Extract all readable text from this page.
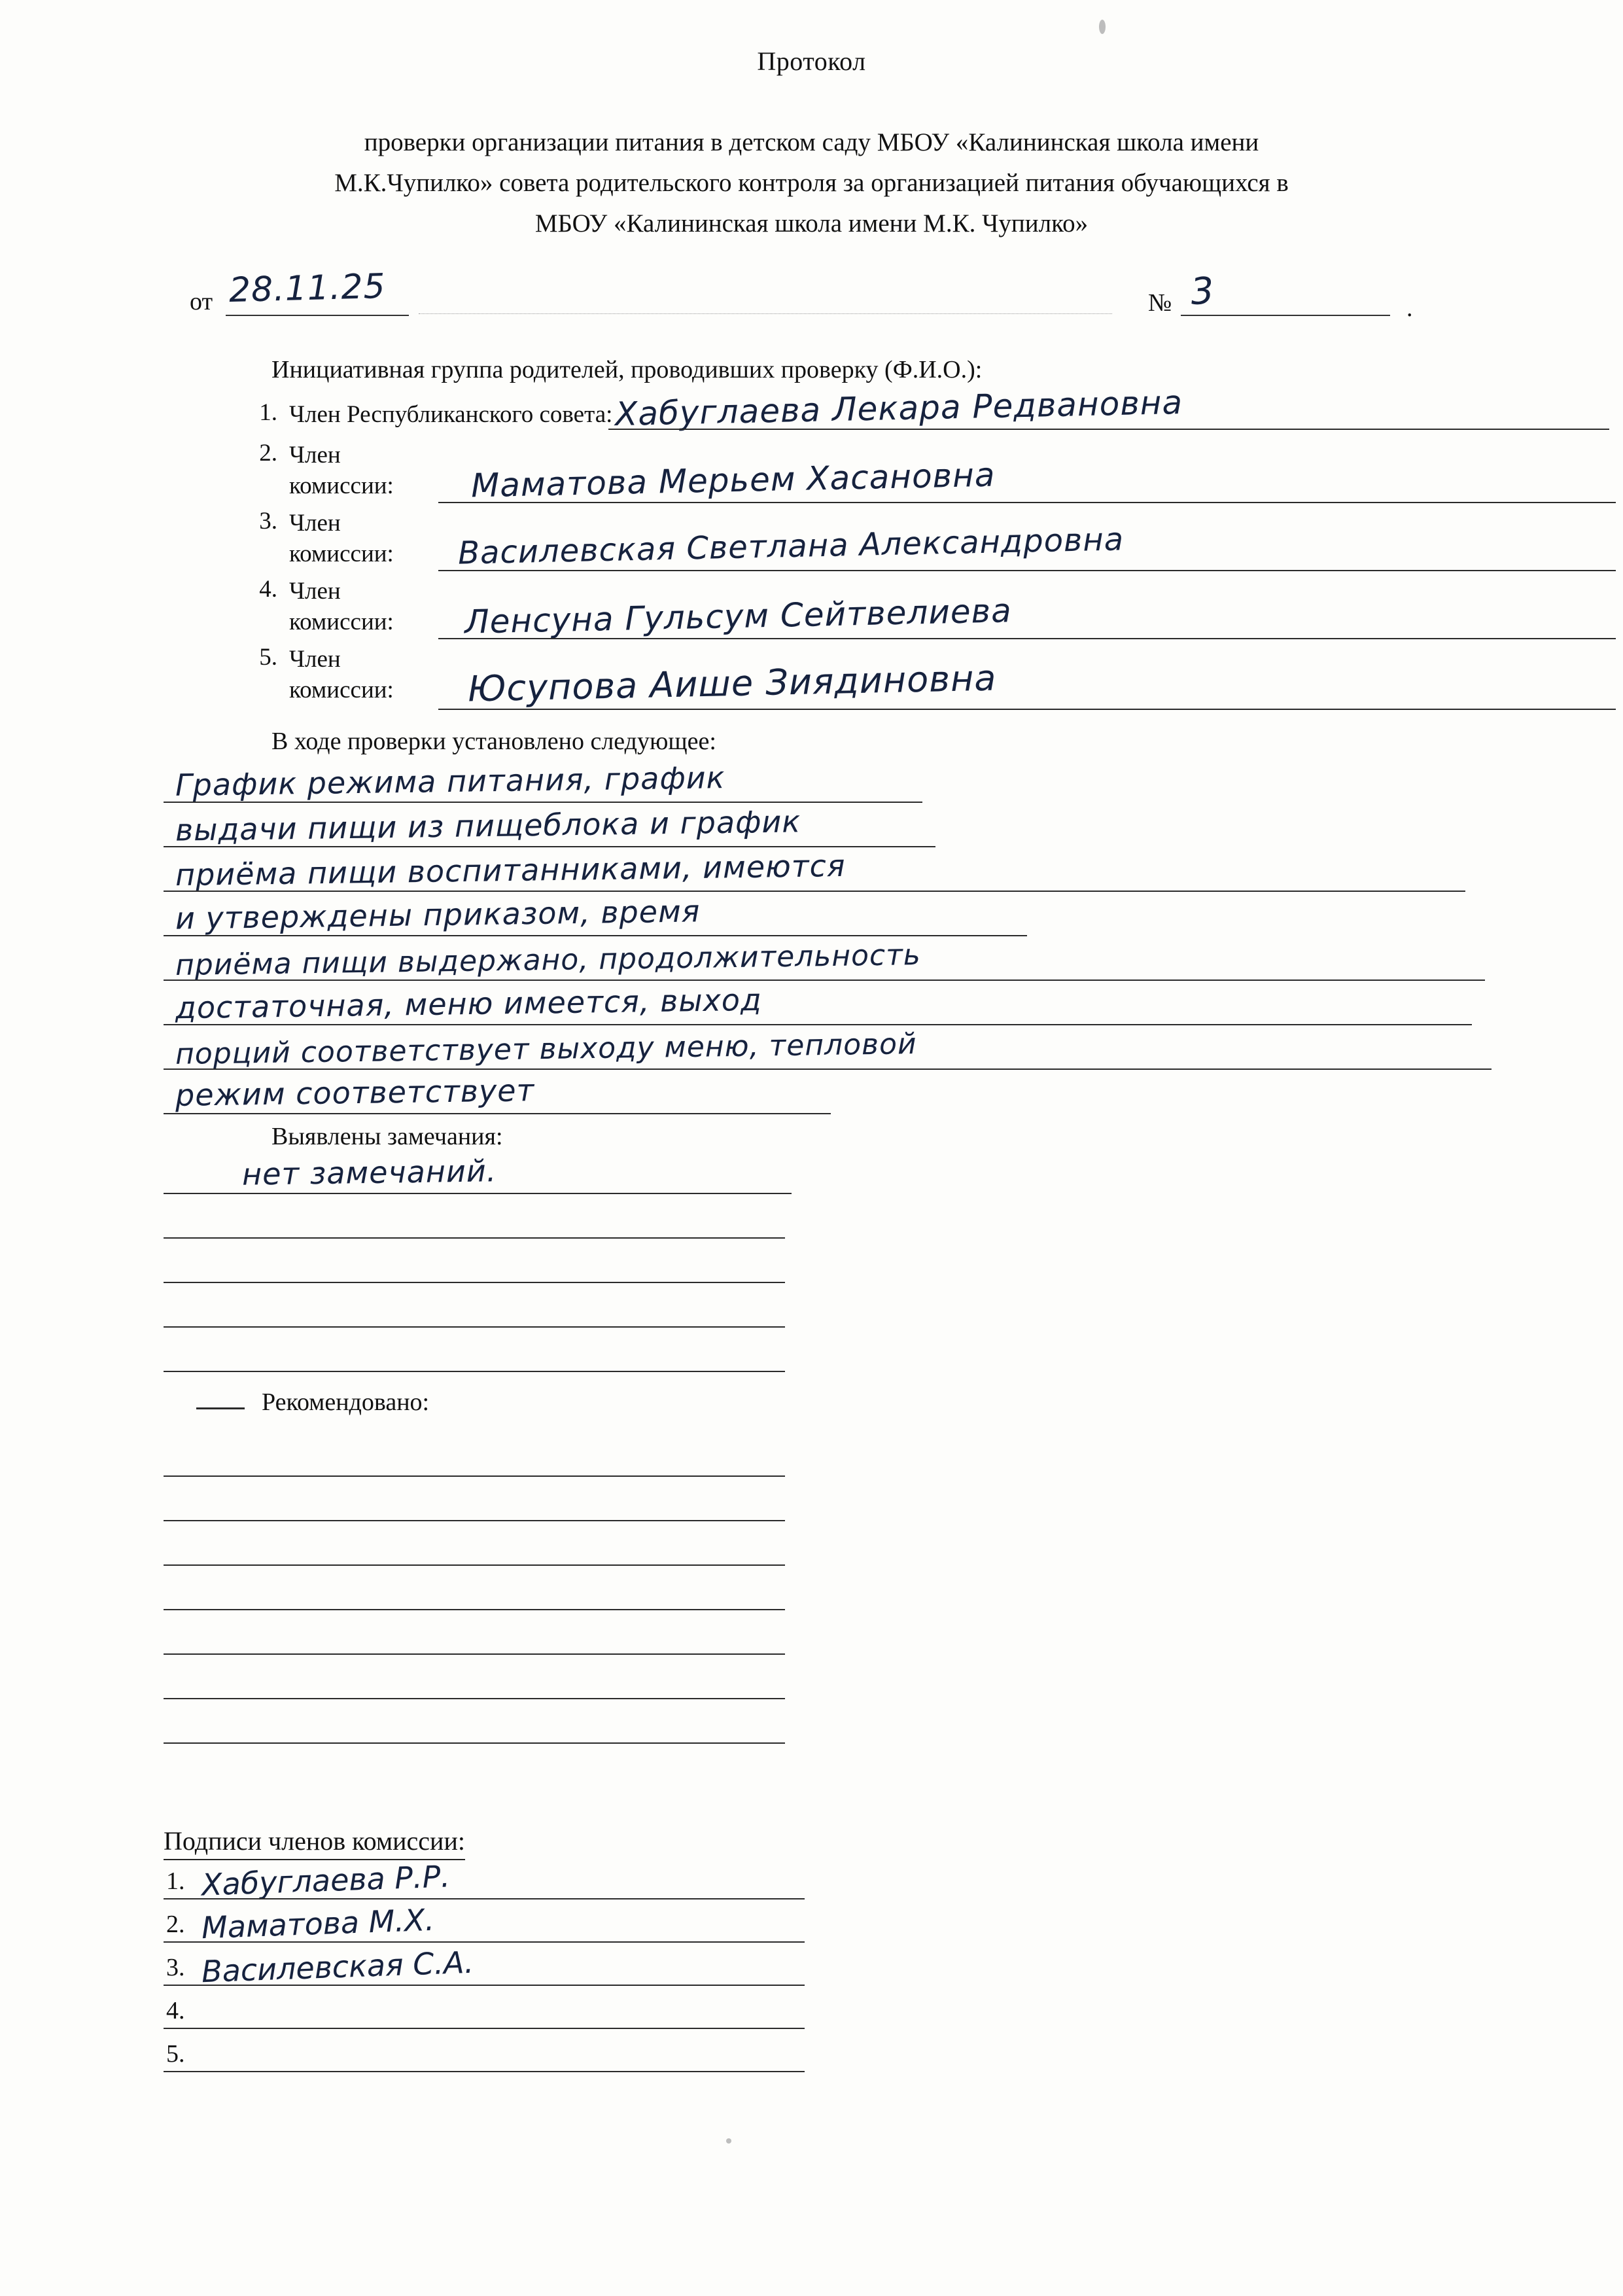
Протокол
проверки организации питания в детском саду МБОУ «Калининская школа имени
М.К.Чупилко» совета родительского контроля за организацией питания обучающихся в
МБОУ «Калининская школа имени М.К. Чупилко»
от 28.11.25	№ 3	.
Инициативная группа родителей, проводивших проверку (Ф.И.О.):
1. Член Республиканского совета: Хабуглаева Лекара Редвановна
2. Член
комиссии: Маматова Мерьем Хасановна
3. Член
комиссии: Василевская Светлана Александровна
4. Член
комиссии: Ленсуна Гульсум Сейтвелиева
5. Член
комиссии: Юсупова Аише Зиядиновна
В ходе проверки установлено следующее:
График режима питания, график
выдачи пищи из пищеблока и график
приёма пищи воспитанниками, имеются
и утверждены приказом, время
приёма пищи выдержано, продолжительность
достаточная, меню имеется, выход
порций соответствует выходу меню, тепловой
режим соответствует
Выявлены замечания:
нет замечаний.
Рекомендовано:
Подписи членов комиссии:
1. Хабуглаева Р.Р.
2. Маматова М.Х.
3. Василевская С.А.
4.
5.
